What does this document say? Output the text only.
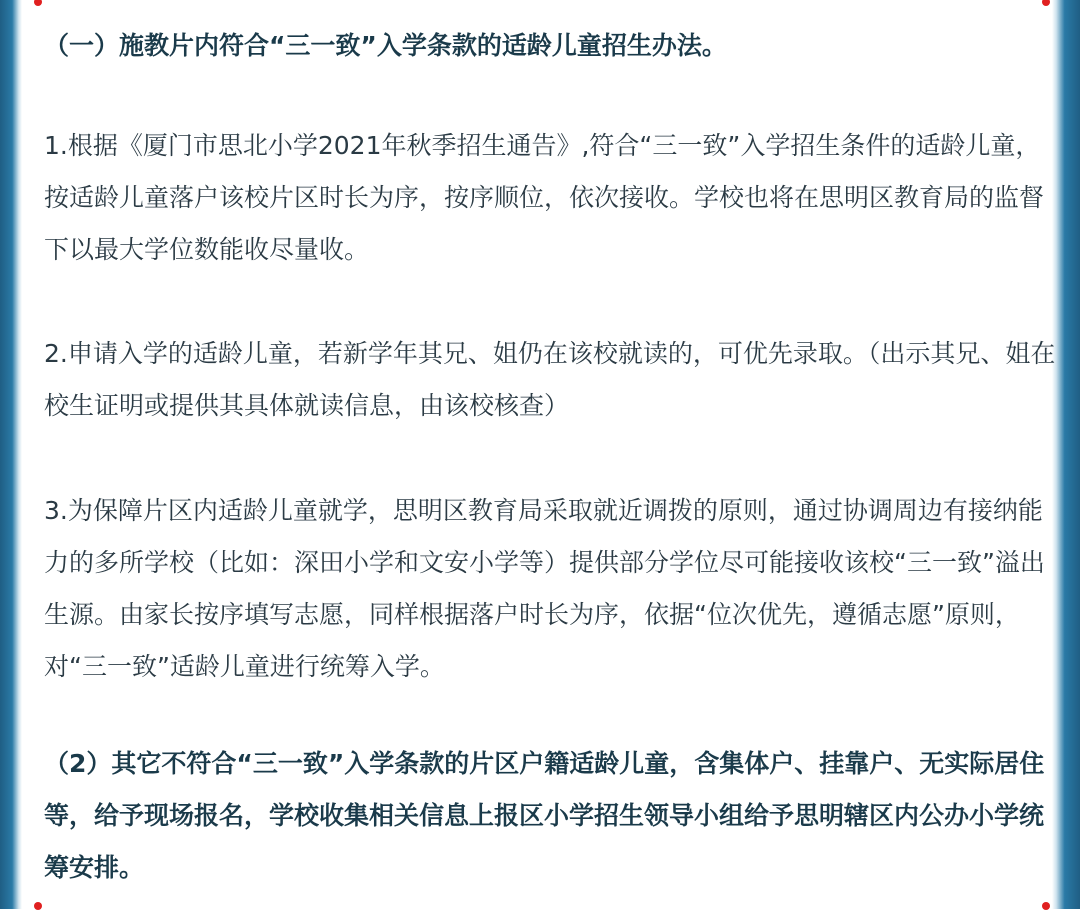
（一）施教片内符合“三一致”入学条款的适龄儿童招生办法。
1.根据《厦门市思北小学2021年秋季招生通告》,符合“三一致”入学招生条件的适龄儿童，按适龄儿童落户该校片区时长为序，按序顺位，依次接收。学校也将在思明区教育局的监督下以最大学位数能收尽量收。
2.申请入学的适龄儿童，若新学年其兄、姐仍在该校就读的，可优先录取。（出示其兄、姐在校生证明或提供其具体就读信息，由该校核查）
3.为保障片区内适龄儿童就学，思明区教育局采取就近调拨的原则，通过协调周边有接纳能力的多所学校（比如：深田小学和文安小学等）提供部分学位尽可能接收该校“三一致”溢出生源。由家长按序填写志愿，同样根据落户时长为序，依据“位次优先，遵循志愿”原则，对“三一致”适龄儿童进行统筹入学。
（2）其它不符合“三一致”入学条款的片区户籍适龄儿童，含集体户、挂靠户、无实际居住等，给予现场报名，学校收集相关信息上报区小学招生领导小组给予思明辖区内公办小学统筹安排。
